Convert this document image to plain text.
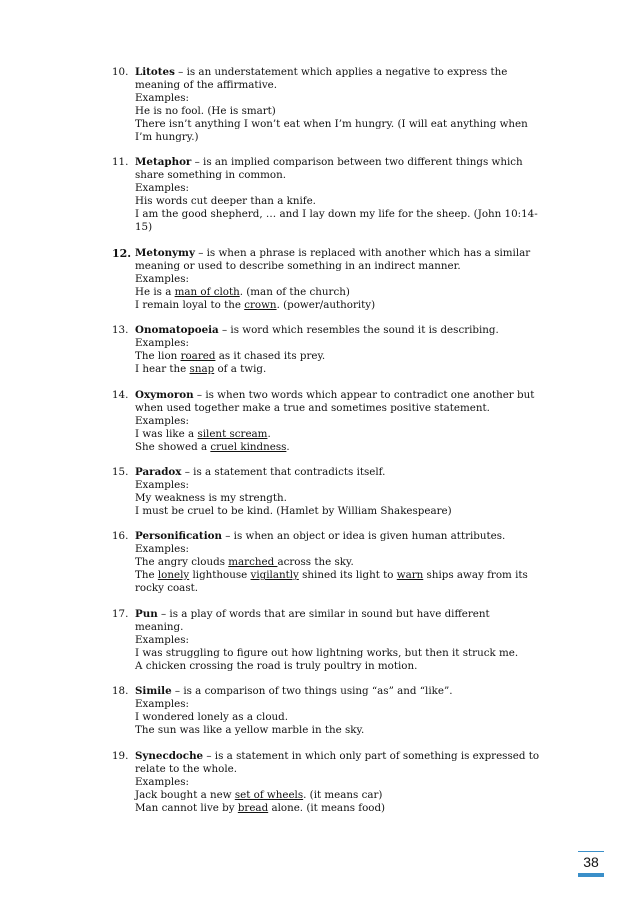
10. Litotes – is an understatement which applies a negative to express the
meaning of the affirmative.
Examples:
He is no fool. (He is smart)
There isn’t anything I won’t eat when I’m hungry. (I will eat anything when
I’m hungry.)
11. Metaphor – is an implied comparison between two different things which
share something in common.
Examples:
His words cut deeper than a knife.
I am the good shepherd, … and I lay down my life for the sheep. (John 10:14-
15)
12. Metonymy – is when a phrase is replaced with another which has a similar
meaning or used to describe something in an indirect manner.
Examples:
He is a man of cloth. (man of the church)
I remain loyal to the crown. (power/authority)
13. Onomatopoeia – is word which resembles the sound it is describing.
Examples:
The lion roared as it chased its prey.
I hear the snap of a twig.
14. Oxymoron – is when two words which appear to contradict one another but
when used together make a true and sometimes positive statement.
Examples:
I was like a silent scream.
She showed a cruel kindness.
15. Paradox – is a statement that contradicts itself.
Examples:
My weakness is my strength.
I must be cruel to be kind. (Hamlet by William Shakespeare)
16. Personification – is when an object or idea is given human attributes.
Examples:
The angry clouds marched across the sky.
The lonely lighthouse vigilantly shined its light to warn ships away from its
rocky coast.
17. Pun – is a play of words that are similar in sound but have different
meaning.
Examples:
I was struggling to figure out how lightning works, but then it struck me.
A chicken crossing the road is truly poultry in motion.
18. Simile – is a comparison of two things using “as” and “like”.
Examples:
I wondered lonely as a cloud.
The sun was like a yellow marble in the sky.
19. Synecdoche – is a statement in which only part of something is expressed to
relate to the whole.
Examples:
Jack bought a new set of wheels. (it means car)
Man cannot live by bread alone. (it means food)
38
